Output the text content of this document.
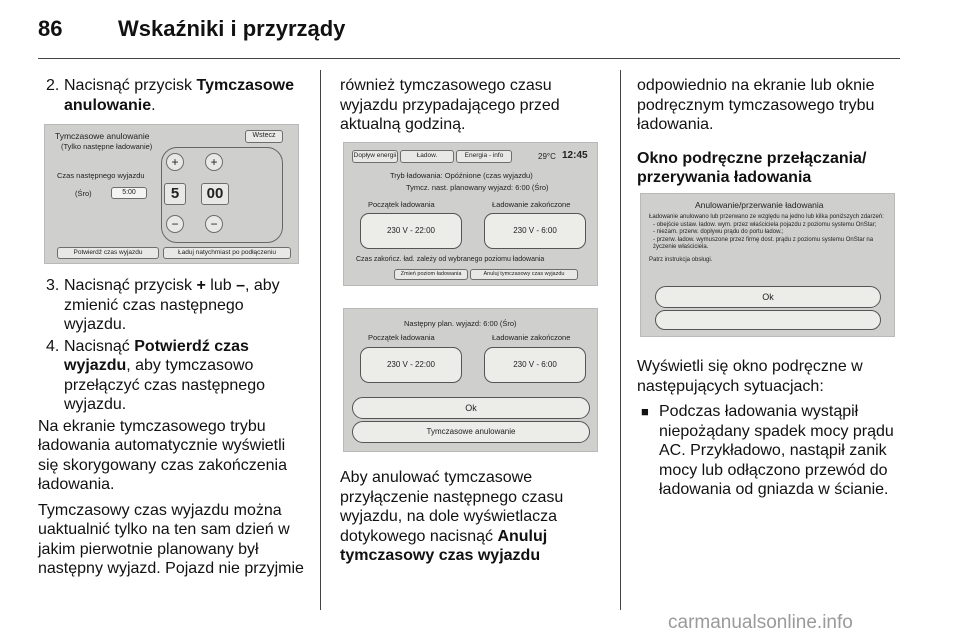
86	Wskaźniki i przyrządy
2. Nacisnąć przycisk Tymczasowe anulowanie.
Tymczasowe anulowanie
(Tylko następne ładowanie)
Wstecz
Czas następnego wyjazdu
(Śro)	5:00
+
−
5
+
−
00
Potwierdź czas wyjazdu	Ładuj natychmiast po podłączeniu
3. Nacisnąć przycisk + lub –, aby zmienić czas następnego wyjazdu.
4. Nacisnąć Potwierdź czas wyjazdu, aby tymczasowo przełączyć czas następnego wyjazdu.

Na ekranie tymczasowego trybu ładowania automatycznie wyświetli się skorygowany czas zakończenia ładowania.

Tymczasowy czas wyjazdu można uaktualnić tylko na ten sam dzień w jakim pierwotnie planowany był następny wyjazd. Pojazd nie przyjmie

również tymczasowego czasu wyjazdu przypadającego przed aktualną godziną.

Dopływ energii	Ładow.	Energia - info	29°C 12:45
Tryb ładowania: Opóźnione (czas wyjazdu)
Tymcz. nast. planowany wyjazd: 6:00 (Śro)
Początek ładowania	Ładowanie zakończone
230 V - 22:00	230 V - 6:00
Czas zakończ. ład. zależy od wybranego poziomu ładowania
Zmień poziom ładowania	Anuluj tymczasowy czas wyjazdu
Następny plan. wyjazd: 6:00 (Śro)
Początek ładowania	Ładowanie zakończone
230 V - 22:00	230 V - 6:00
Ok
Tymczasowe anulowanie

Aby anulować tymczasowe przyłączenie następnego czasu wyjazdu, na dole wyświetlacza dotykowego nacisnąć Anuluj tymczasowy czas wyjazdu

odpowiednio na ekranie lub oknie podręcznym tymczasowego trybu ładowania.

Okno podręczne przełączania/ przerywania ładowania

Anulowanie/przerwanie ładowania
Ładowanie anulowano lub przerwano ze względu na jedno lub kilka poniższych zdarzeń:
- obejście ustaw. ładow. wym. przez właściciela pojazdu z poziomu systemu OnStar;
- niezam. przerw. dopływu prądu do portu ładow.;
- przerw. ładow. wymuszone przez firmę dost. prądu z poziomu systemu OnStar na życzenie właściciela.
Patrz instrukcja obsługi.
Ok

Wyświetli się okno podręczne w następujących sytuacjach:

■ Podczas ładowania wystąpił niepożądany spadek mocy prądu AC. Przykładowo, nastąpił zanik mocy lub odłączono przewód do ładowania od gniazda w ścianie.
carmanualsonline.info
